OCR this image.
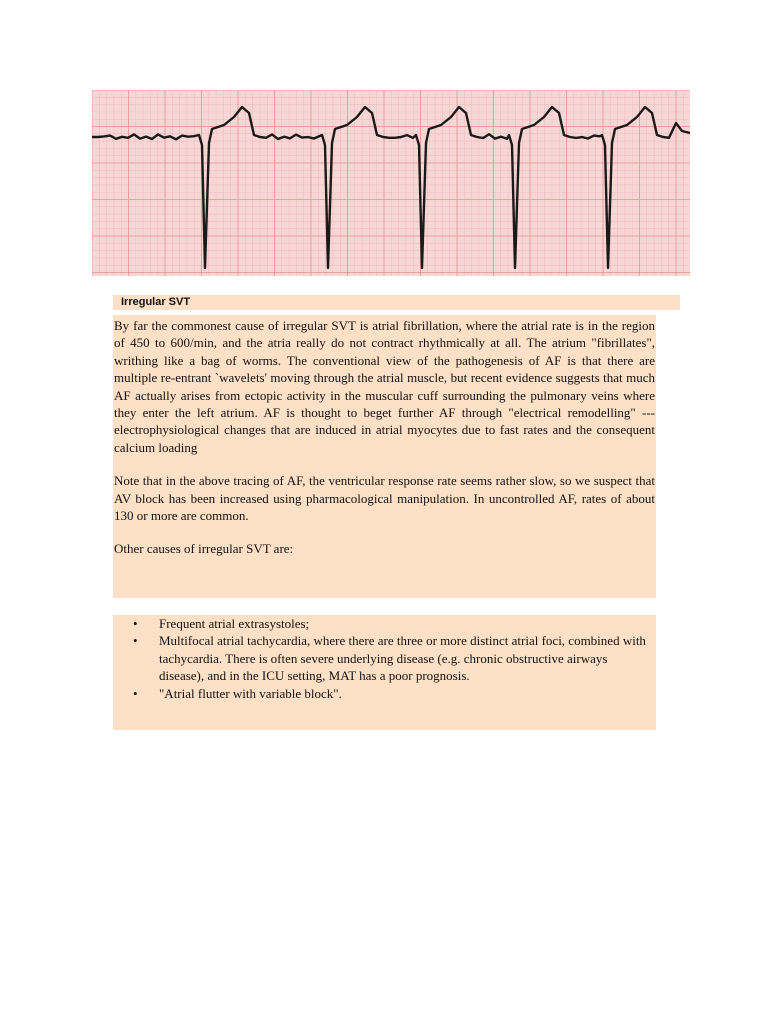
Irregular SVT

By far the commonest cause of irregular SVT is atrial fibrillation, where the atrial rate is in the region of 450 to 600/min, and the atria really do not contract rhythmically at all. The atrium "fibrillates", writhing like a bag of worms. The conventional view of the pathogenesis of AF is that there are multiple re-entrant `wavelets' moving through the atrial muscle, but recent evidence suggests that much AF actually arises from ectopic activity in the muscular cuff surrounding the pulmonary veins where they enter the left atrium. AF is thought to beget further AF through "electrical remodelling" --- electrophysiological changes that are induced in atrial myocytes due to fast rates and the consequent calcium loading

Note that in the above tracing of AF, the ventricular response rate seems rather slow, so we suspect that AV block has been increased using pharmacological manipulation. In uncontrolled AF, rates of about 130 or more are common.

Other causes of irregular SVT are:

• Frequent atrial extrasystoles;
• Multifocal atrial tachycardia, where there are three or more distinct atrial foci, combined with tachycardia. There is often severe underlying disease (e.g. chronic obstructive airways disease), and in the ICU setting, MAT has a poor prognosis.
• "Atrial flutter with variable block".
